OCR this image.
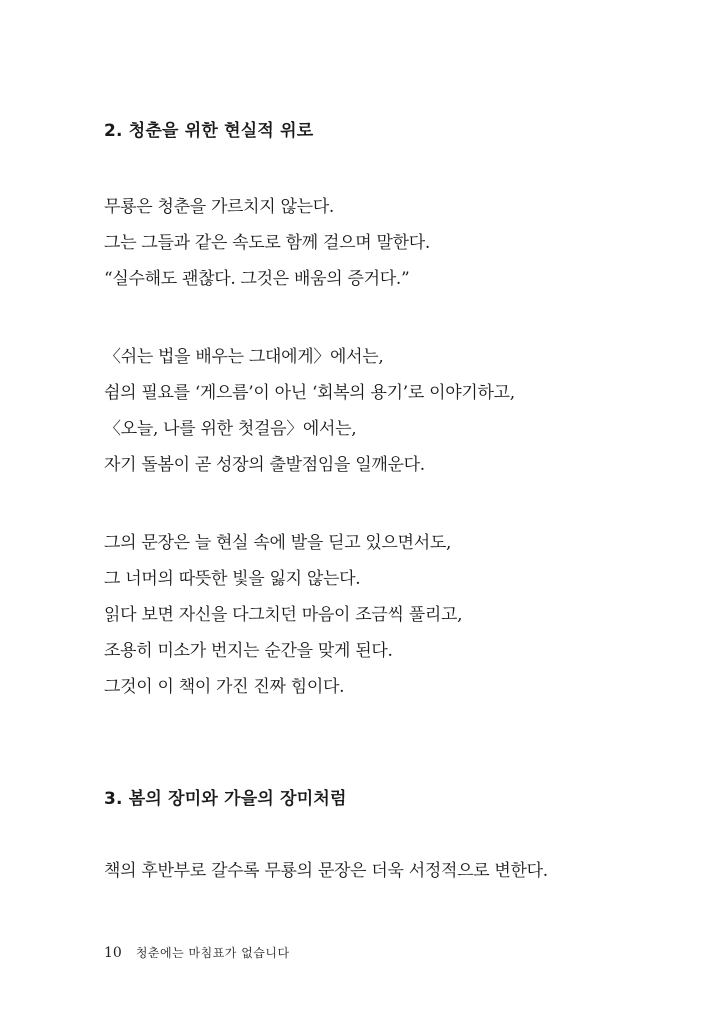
2. 청춘을 위한 현실적 위로
무룡은 청춘을 가르치지 않는다.
그는 그들과 같은 속도로 함께 걸으며 말한다.
“실수해도 괜찮다. 그것은 배움의 증거다.”
〈쉬는 법을 배우는 그대에게〉에서는,
쉼의 필요를 ‘게으름’이 아닌 ‘회복의 용기’로 이야기하고,
〈오늘, 나를 위한 첫걸음〉에서는,
자기 돌봄이 곧 성장의 출발점임을 일깨운다.
그의 문장은 늘 현실 속에 발을 딛고 있으면서도,
그 너머의 따뜻한 빛을 잃지 않는다.
읽다 보면 자신을 다그치던 마음이 조금씩 풀리고,
조용히 미소가 번지는 순간을 맞게 된다.
그것이 이 책이 가진 진짜 힘이다.
3. 봄의 장미와 가을의 장미처럼
책의 후반부로 갈수록 무룡의 문장은 더욱 서정적으로 변한다.
10 청춘에는 마침표가 없습니다
